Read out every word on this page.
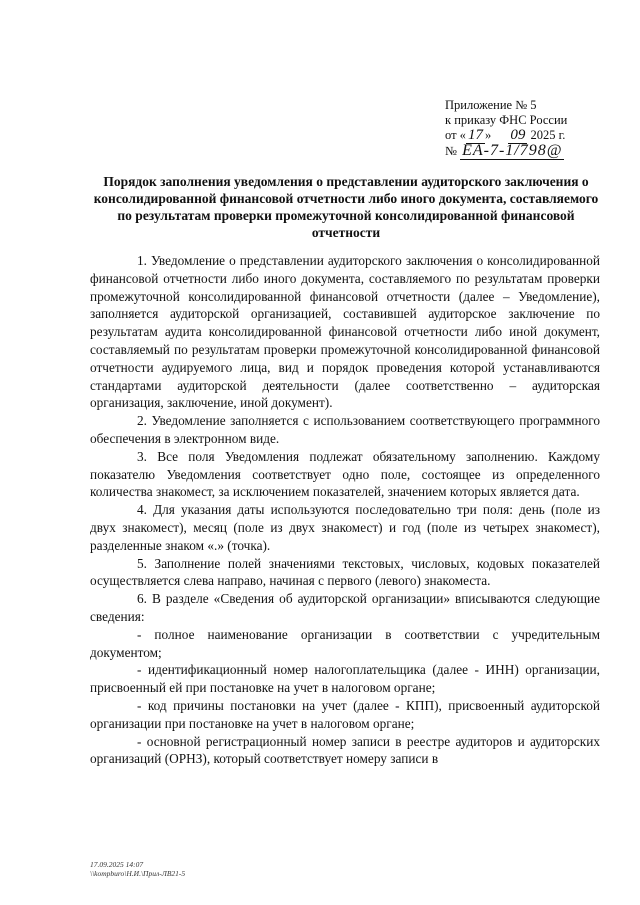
Приложение № 5
к приказу ФНС России
от « 17 » 09 2025 г.
№ ЕА-7-1/798@
Порядок заполнения уведомления о представлении аудиторского заключения о консолидированной финансовой отчетности либо иного документа, составляемого по результатам проверки промежуточной консолидированной финансовой отчетности

1. Уведомление о представлении аудиторского заключения о консолидированной финансовой отчетности либо иного документа, составляемого по результатам проверки промежуточной консолидированной финансовой отчетности (далее – Уведомление), заполняется аудиторской организацией, составившей аудиторское заключение по результатам аудита консолидированной финансовой отчетности либо иной документ, составляемый по результатам проверки промежуточной консолидированной финансовой отчетности аудируемого лица, вид и порядок проведения которой устанавливаются стандартами аудиторской деятельности (далее соответственно – аудиторская организация, заключение, иной документ).

2. Уведомление заполняется с использованием соответствующего программного обеспечения в электронном виде.

3. Все поля Уведомления подлежат обязательному заполнению. Каждому показателю Уведомления соответствует одно поле, состоящее из определенного количества знакомест, за исключением показателей, значением которых является дата.

4. Для указания даты используются последовательно три поля: день (поле из двух знакомест), месяц (поле из двух знакомест) и год (поле из четырех знакомест), разделенные знаком «.» (точка).

5. Заполнение полей значениями текстовых, числовых, кодовых показателей осуществляется слева направо, начиная с первого (левого) знакоместа.

6. В разделе «Сведения об аудиторской организации» вписываются следующие сведения:

- полное наименование организации в соответствии с учредительным документом;

- идентификационный номер налогоплательщика (далее - ИНН) организации, присвоенный ей при постановке на учет в налоговом органе;

- код причины постановки на учет (далее - КПП), присвоенный аудиторской организации при постановке на учет в налоговом органе;

- основной регистрационный номер записи в реестре аудиторов и аудиторских организаций (ОРНЗ), который соответствует номеру записи в

17.09.2025 14:07
\\kompburo\Н.И.\Прил-ЛВ21-5
